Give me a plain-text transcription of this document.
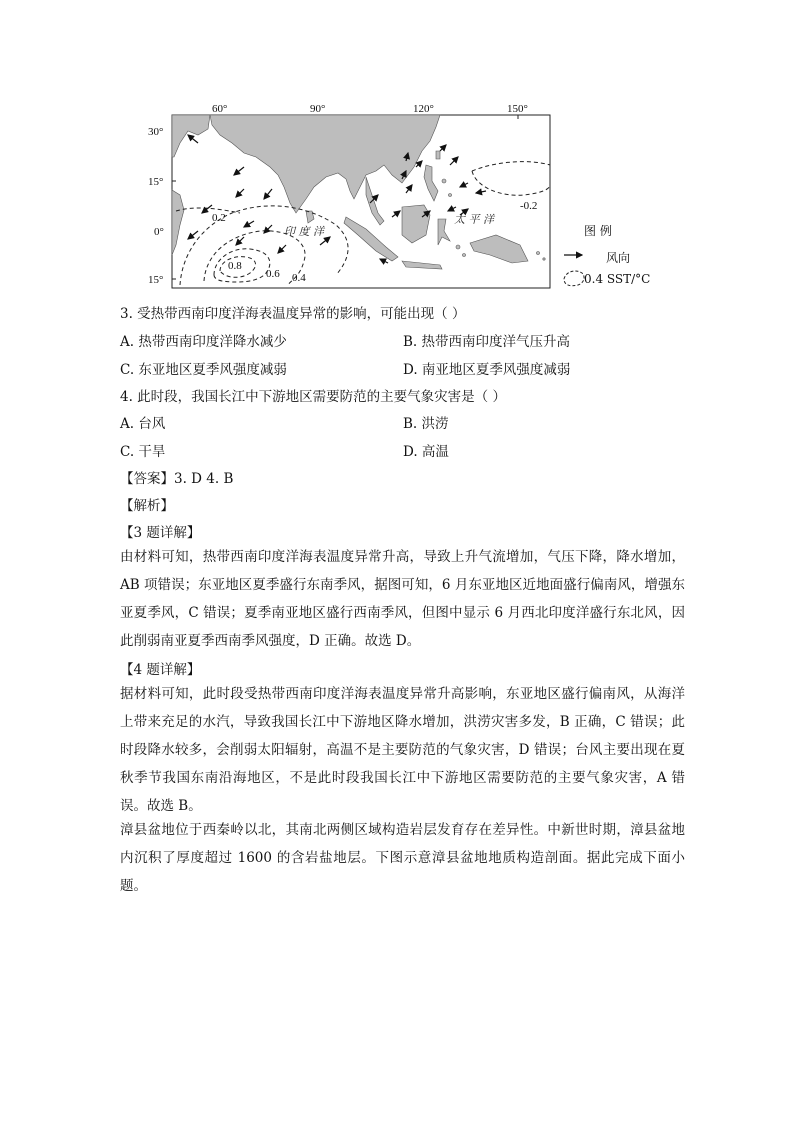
60°	90°	120°	150°
30°
15°
0°
15°
0.2
0.8
0.6 0.4
-0.2
印 度 洋
太 平 洋
图 例
风向
0.4 SST/°C
3. 受热带西南印度洋海表温度异常的影响，可能出现（ ）
A. 热带西南印度洋降水减少	B. 热带西南印度洋气压升高
C. 东亚地区夏季风强度减弱	D. 南亚地区夏季风强度减弱
4. 此时段，我国长江中下游地区需要防范的主要气象灾害是（ ）
A. 台风	B. 洪涝
C. 干旱	D. 高温
【答案】3. D 4. B
【解析】
【3 题详解】
由材料可知，热带西南印度洋海表温度异常升高，导致上升气流增加，气压下降，降水增加，AB 项错误；东亚地区夏季盛行东南季风，据图可知，6 月东亚地区近地面盛行偏南风，增强东亚夏季风，C 错误；夏季南亚地区盛行西南季风，但图中显示 6 月西北印度洋盛行东北风，因此削弱南亚夏季西南季风强度，D 正确。故选 D。
【4 题详解】
据材料可知，此时段受热带西南印度洋海表温度异常升高影响，东亚地区盛行偏南风，从海洋上带来充足的水汽，导致我国长江中下游地区降水增加，洪涝灾害多发，B 正确，C 错误；此时段降水较多，会削弱太阳辐射，高温不是主要防范的气象灾害，D 错误；台风主要出现在夏秋季节我国东南沿海地区，不是此时段我国长江中下游地区需要防范的主要气象灾害，A 错误。故选 B。
漳县盆地位于西秦岭以北，其南北两侧区域构造岩层发育存在差异性。中新世时期，漳县盆地内沉积了厚度超过 1600 的含岩盐地层。下图示意漳县盆地地质构造剖面。据此完成下面小题。
